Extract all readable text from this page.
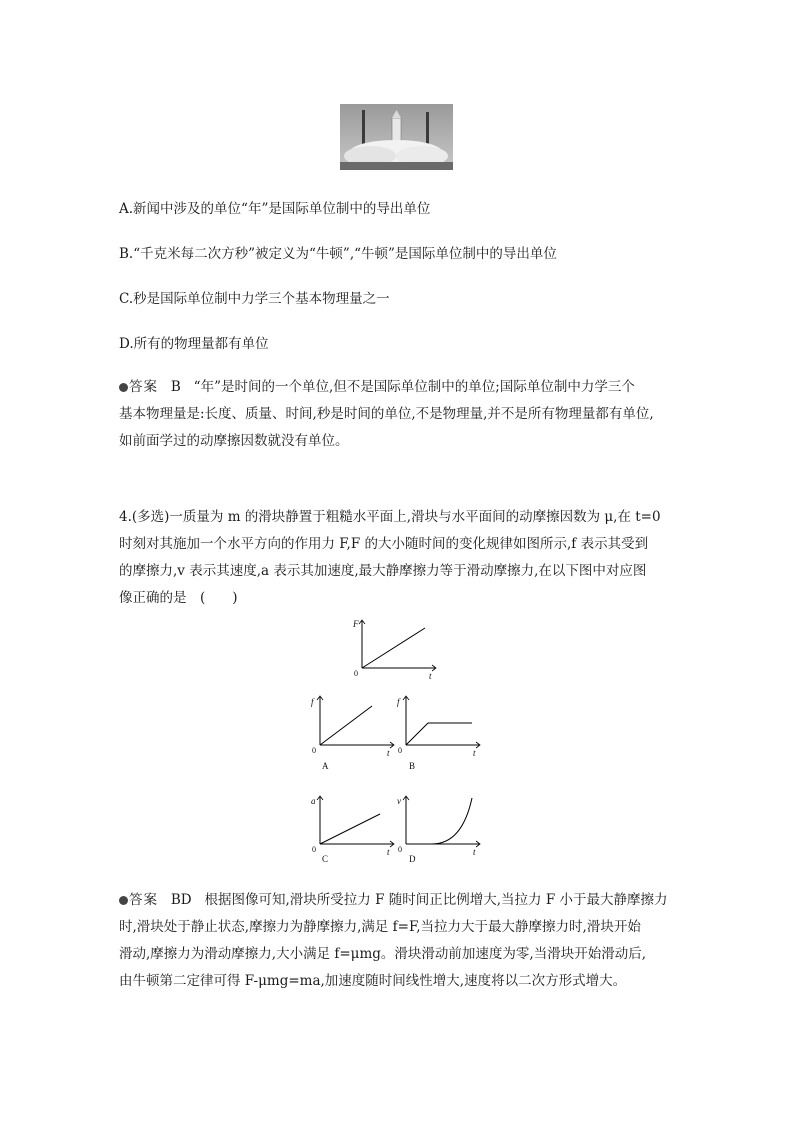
A.新闻中涉及的单位“年”是国际单位制中的导出单位
B.“千克米每二次方秒”被定义为“牛顿”,“牛顿”是国际单位制中的导出单位
C.秒是国际单位制中力学三个基本物理量之一
D.所有的物理量都有单位

答案 B “年”是时间的一个单位,但不是国际单位制中的单位;国际单位制中力学三个

基本物理量是:长度、质量、时间,秒是时间的单位,不是物理量,并不是所有物理量都有单位,

如前面学过的动摩擦因数就没有单位。

4.(多选)一质量为 m 的滑块静置于粗糙水平面上,滑块与水平面间的动摩擦因数为 μ,在 t=0

时刻对其施加一个水平方向的作用力 F,F 的大小随时间的变化规律如图所示,f 表示其受到

的摩擦力,v 表示其速度,a 表示其加速度,最大静摩擦力等于滑动摩擦力,在以下图中对应图

像正确的是　(　　)

F
t
0
f
t
0
A
f
t
0
B
a
t
0
C
v
t
0
D

答案 BD 根据图像可知,滑块所受拉力 F 随时间正比例增大,当拉力 F 小于最大静摩擦力

时,滑块处于静止状态,摩擦力为静摩擦力,满足 f=F,当拉力大于最大静摩擦力时,滑块开始

滑动,摩擦力为滑动摩擦力,大小满足 f=μmg。滑块滑动前加速度为零,当滑块开始滑动后,

由牛顿第二定律可得 F-μmg=ma,加速度随时间线性增大,速度将以二次方形式增大。
